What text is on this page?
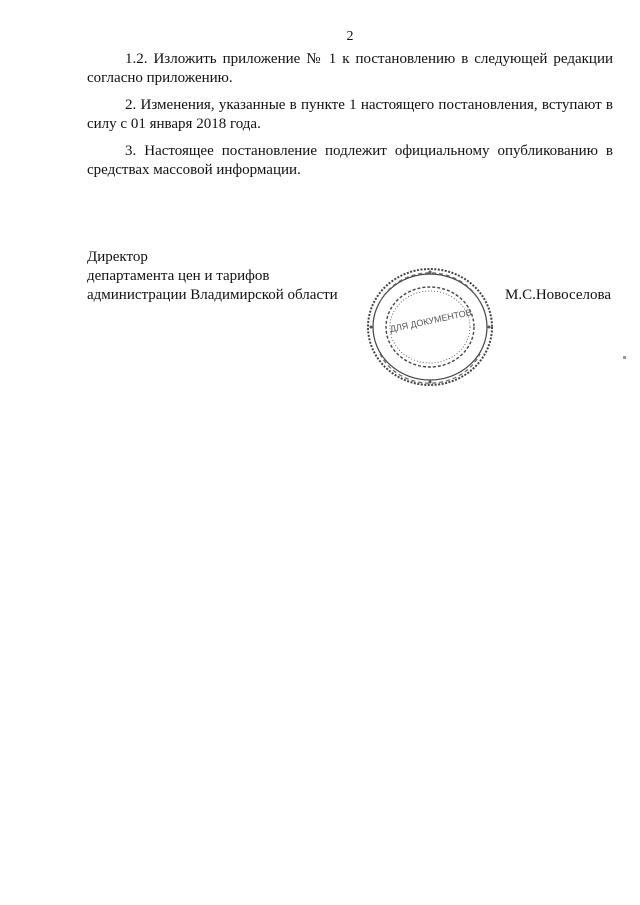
2

1.2. Изложить приложение № 1 к постановлению в следующей редакции согласно приложению.

2. Изменения, указанные в пункте 1 настоящего постановления, вступают в силу с 01 января 2018 года.

3. Настоящее постановление подлежит официальному опубликованию в средствах массовой информации.

Директор
департамента цен и тарифов
администрации Владимирской области
ДЛЯ ДОКУМЕНТОВ
М.С.Новоселова
